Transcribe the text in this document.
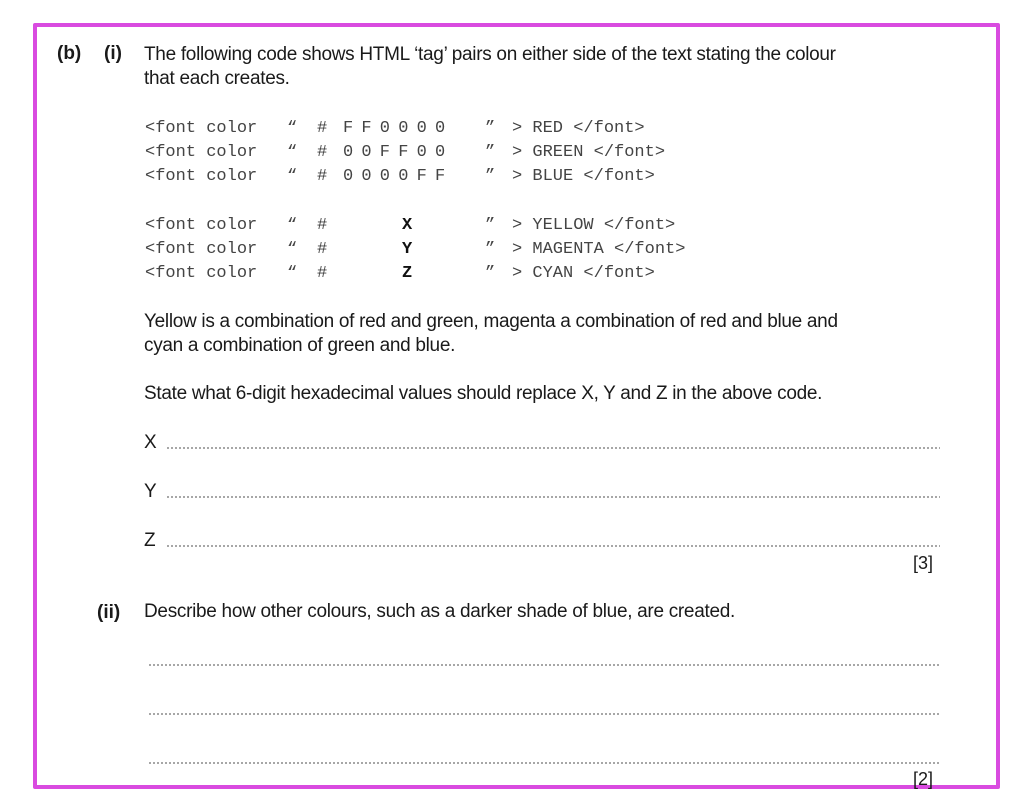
(b) (i) The following code shows HTML ‘tag’ pairs on either side of the text stating the colour
that each creates.
<font color “ # F F 0 0 0 0 ” > RED </font>
<font color “ # 0 0 F F 0 0 ” > GREEN </font>
<font color “ # 0 0 0 0 F F ” > BLUE </font>
<font color “ #	X	” > YELLOW </font>
<font color “ #	Y	” > MAGENTA </font>
<font color “ #	Z	” > CYAN </font>
Yellow is a combination of red and green, magenta a combination of red and blue and
cyan a combination of green and blue.
State what 6-digit hexadecimal values should replace X, Y and Z in the above code.
X
Y
Z
[3]
(ii) Describe how other colours, such as a darker shade of blue, are created.
[2]
